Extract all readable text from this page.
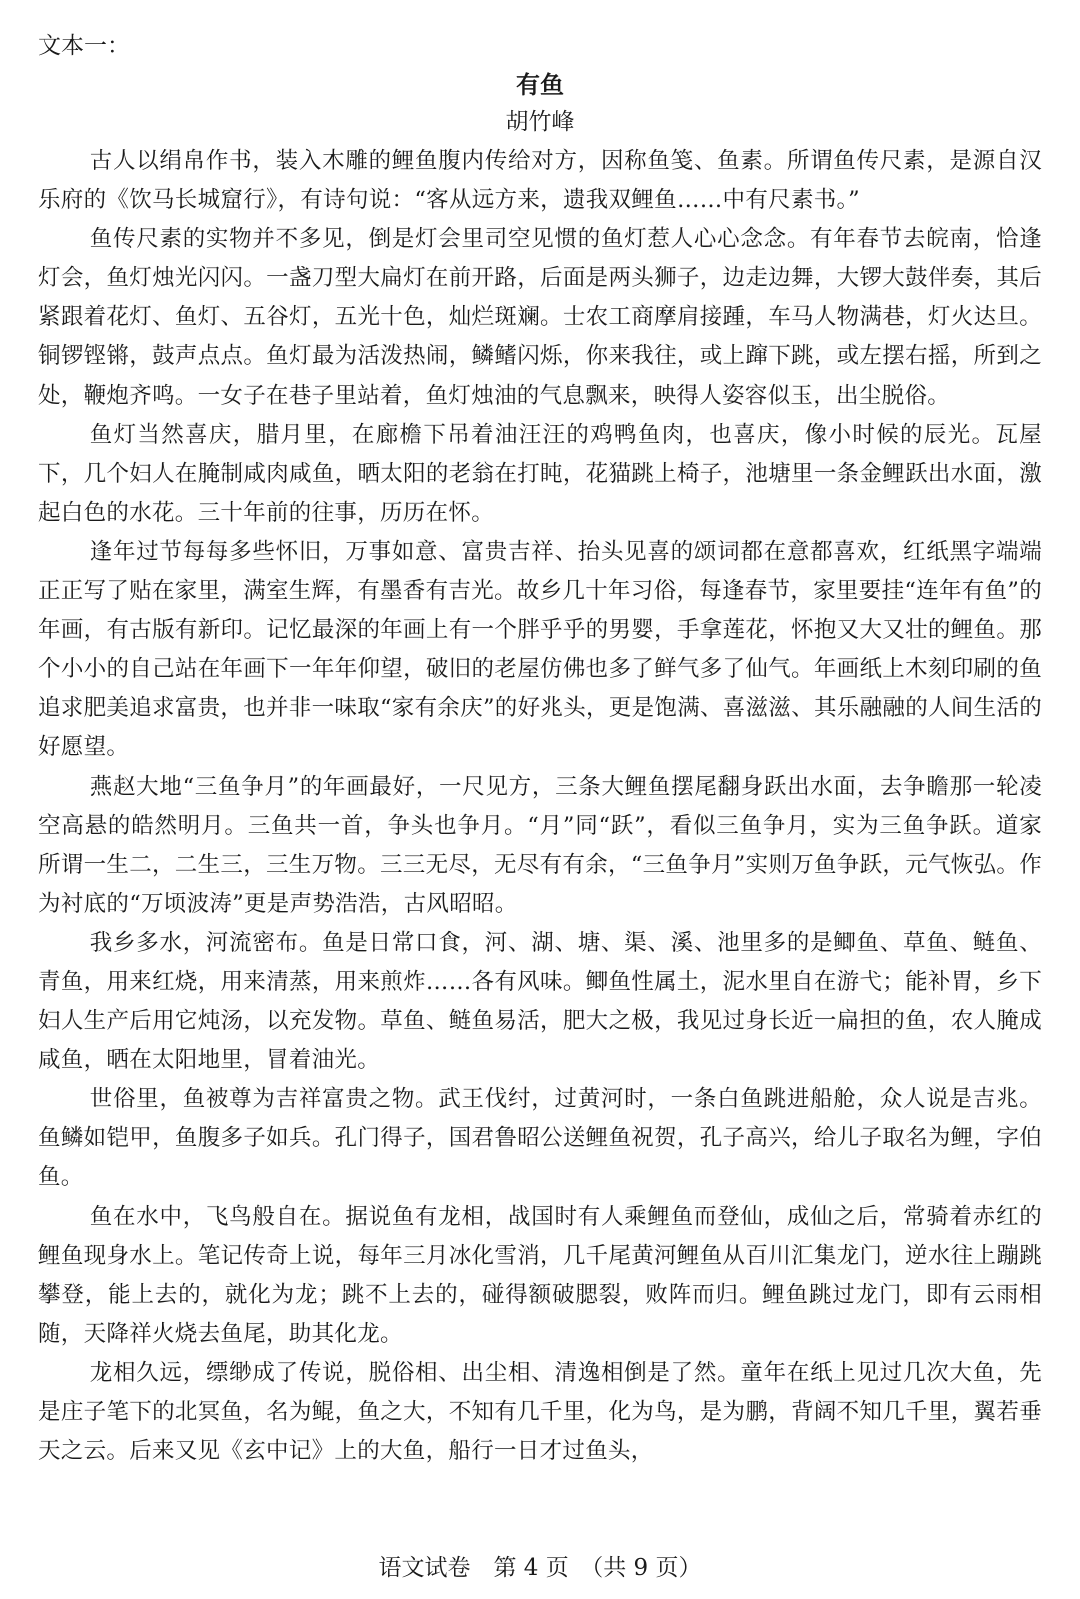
文本一：
有鱼
胡竹峰

古人以绢帛作书，装入木雕的鲤鱼腹内传给对方，因称鱼笺、鱼素。所谓鱼传尺素，是源自汉乐府的《饮马长城窟行》，有诗句说：“客从远方来，遗我双鲤鱼……中有尺素书。”

鱼传尺素的实物并不多见，倒是灯会里司空见惯的鱼灯惹人心心念念。有年春节去皖南，恰逢灯会，鱼灯烛光闪闪。一盏刀型大扁灯在前开路，后面是两头狮子，边走边舞，大锣大鼓伴奏，其后紧跟着花灯、鱼灯、五谷灯，五光十色，灿烂斑斓。士农工商摩肩接踵，车马人物满巷，灯火达旦。铜锣铿锵，鼓声点点。鱼灯最为活泼热闹，鳞鳍闪烁，你来我往，或上蹿下跳，或左摆右摇，所到之处，鞭炮齐鸣。一女子在巷子里站着，鱼灯烛油的气息飘来，映得人姿容似玉，出尘脱俗。

鱼灯当然喜庆，腊月里，在廊檐下吊着油汪汪的鸡鸭鱼肉，也喜庆，像小时候的辰光。瓦屋下，几个妇人在腌制咸肉咸鱼，晒太阳的老翁在打盹，花猫跳上椅子，池塘里一条金鲤跃出水面，激起白色的水花。三十年前的往事，历历在怀。

逢年过节每每多些怀旧，万事如意、富贵吉祥、抬头见喜的颂词都在意都喜欢，红纸黑字端端正正写了贴在家里，满室生辉，有墨香有吉光。故乡几十年习俗，每逢春节，家里要挂“连年有鱼”的年画，有古版有新印。记忆最深的年画上有一个胖乎乎的男婴，手拿莲花，怀抱又大又壮的鲤鱼。那个小小的自己站在年画下一年年仰望，破旧的老屋仿佛也多了鲜气多了仙气。年画纸上木刻印刷的鱼追求肥美追求富贵，也并非一味取“家有余庆”的好兆头，更是饱满、喜滋滋、其乐融融的人间生活的好愿望。

燕赵大地“三鱼争月”的年画最好，一尺见方，三条大鲤鱼摆尾翻身跃出水面，去争瞻那一轮凌空高悬的皓然明月。三鱼共一首，争头也争月。“月”同“跃”，看似三鱼争月，实为三鱼争跃。道家所谓一生二，二生三，三生万物。三三无尽，无尽有有余，“三鱼争月”实则万鱼争跃，元气恢弘。作为衬底的“万顷波涛”更是声势浩浩，古风昭昭。

我乡多水，河流密布。鱼是日常口食，河、湖、塘、渠、溪、池里多的是鲫鱼、草鱼、鲢鱼、青鱼，用来红烧，用来清蒸，用来煎炸……各有风味。鲫鱼性属土，泥水里自在游弋；能补胃，乡下妇人生产后用它炖汤，以充发物。草鱼、鲢鱼易活，肥大之极，我见过身长近一扁担的鱼，农人腌成咸鱼，晒在太阳地里，冒着油光。

世俗里，鱼被尊为吉祥富贵之物。武王伐纣，过黄河时，一条白鱼跳进船舱，众人说是吉兆。鱼鳞如铠甲，鱼腹多子如兵。孔门得子，国君鲁昭公送鲤鱼祝贺，孔子高兴，给儿子取名为鲤，字伯鱼。

鱼在水中，飞鸟般自在。据说鱼有龙相，战国时有人乘鲤鱼而登仙，成仙之后，常骑着赤红的鲤鱼现身水上。笔记传奇上说，每年三月冰化雪消，几千尾黄河鲤鱼从百川汇集龙门，逆水往上蹦跳攀登，能上去的，就化为龙；跳不上去的，碰得额破腮裂，败阵而归。鲤鱼跳过龙门，即有云雨相随，天降祥火烧去鱼尾，助其化龙。

龙相久远，缥缈成了传说，脱俗相、出尘相、清逸相倒是了然。童年在纸上见过几次大鱼，先是庄子笔下的北冥鱼，名为鲲，鱼之大，不知有几千里，化为鸟，是为鹏，背阔不知几千里，翼若垂天之云。后来又见《玄中记》上的大鱼，船行一日才过鱼头，

语文试卷　第 4 页　（共 9 页）
